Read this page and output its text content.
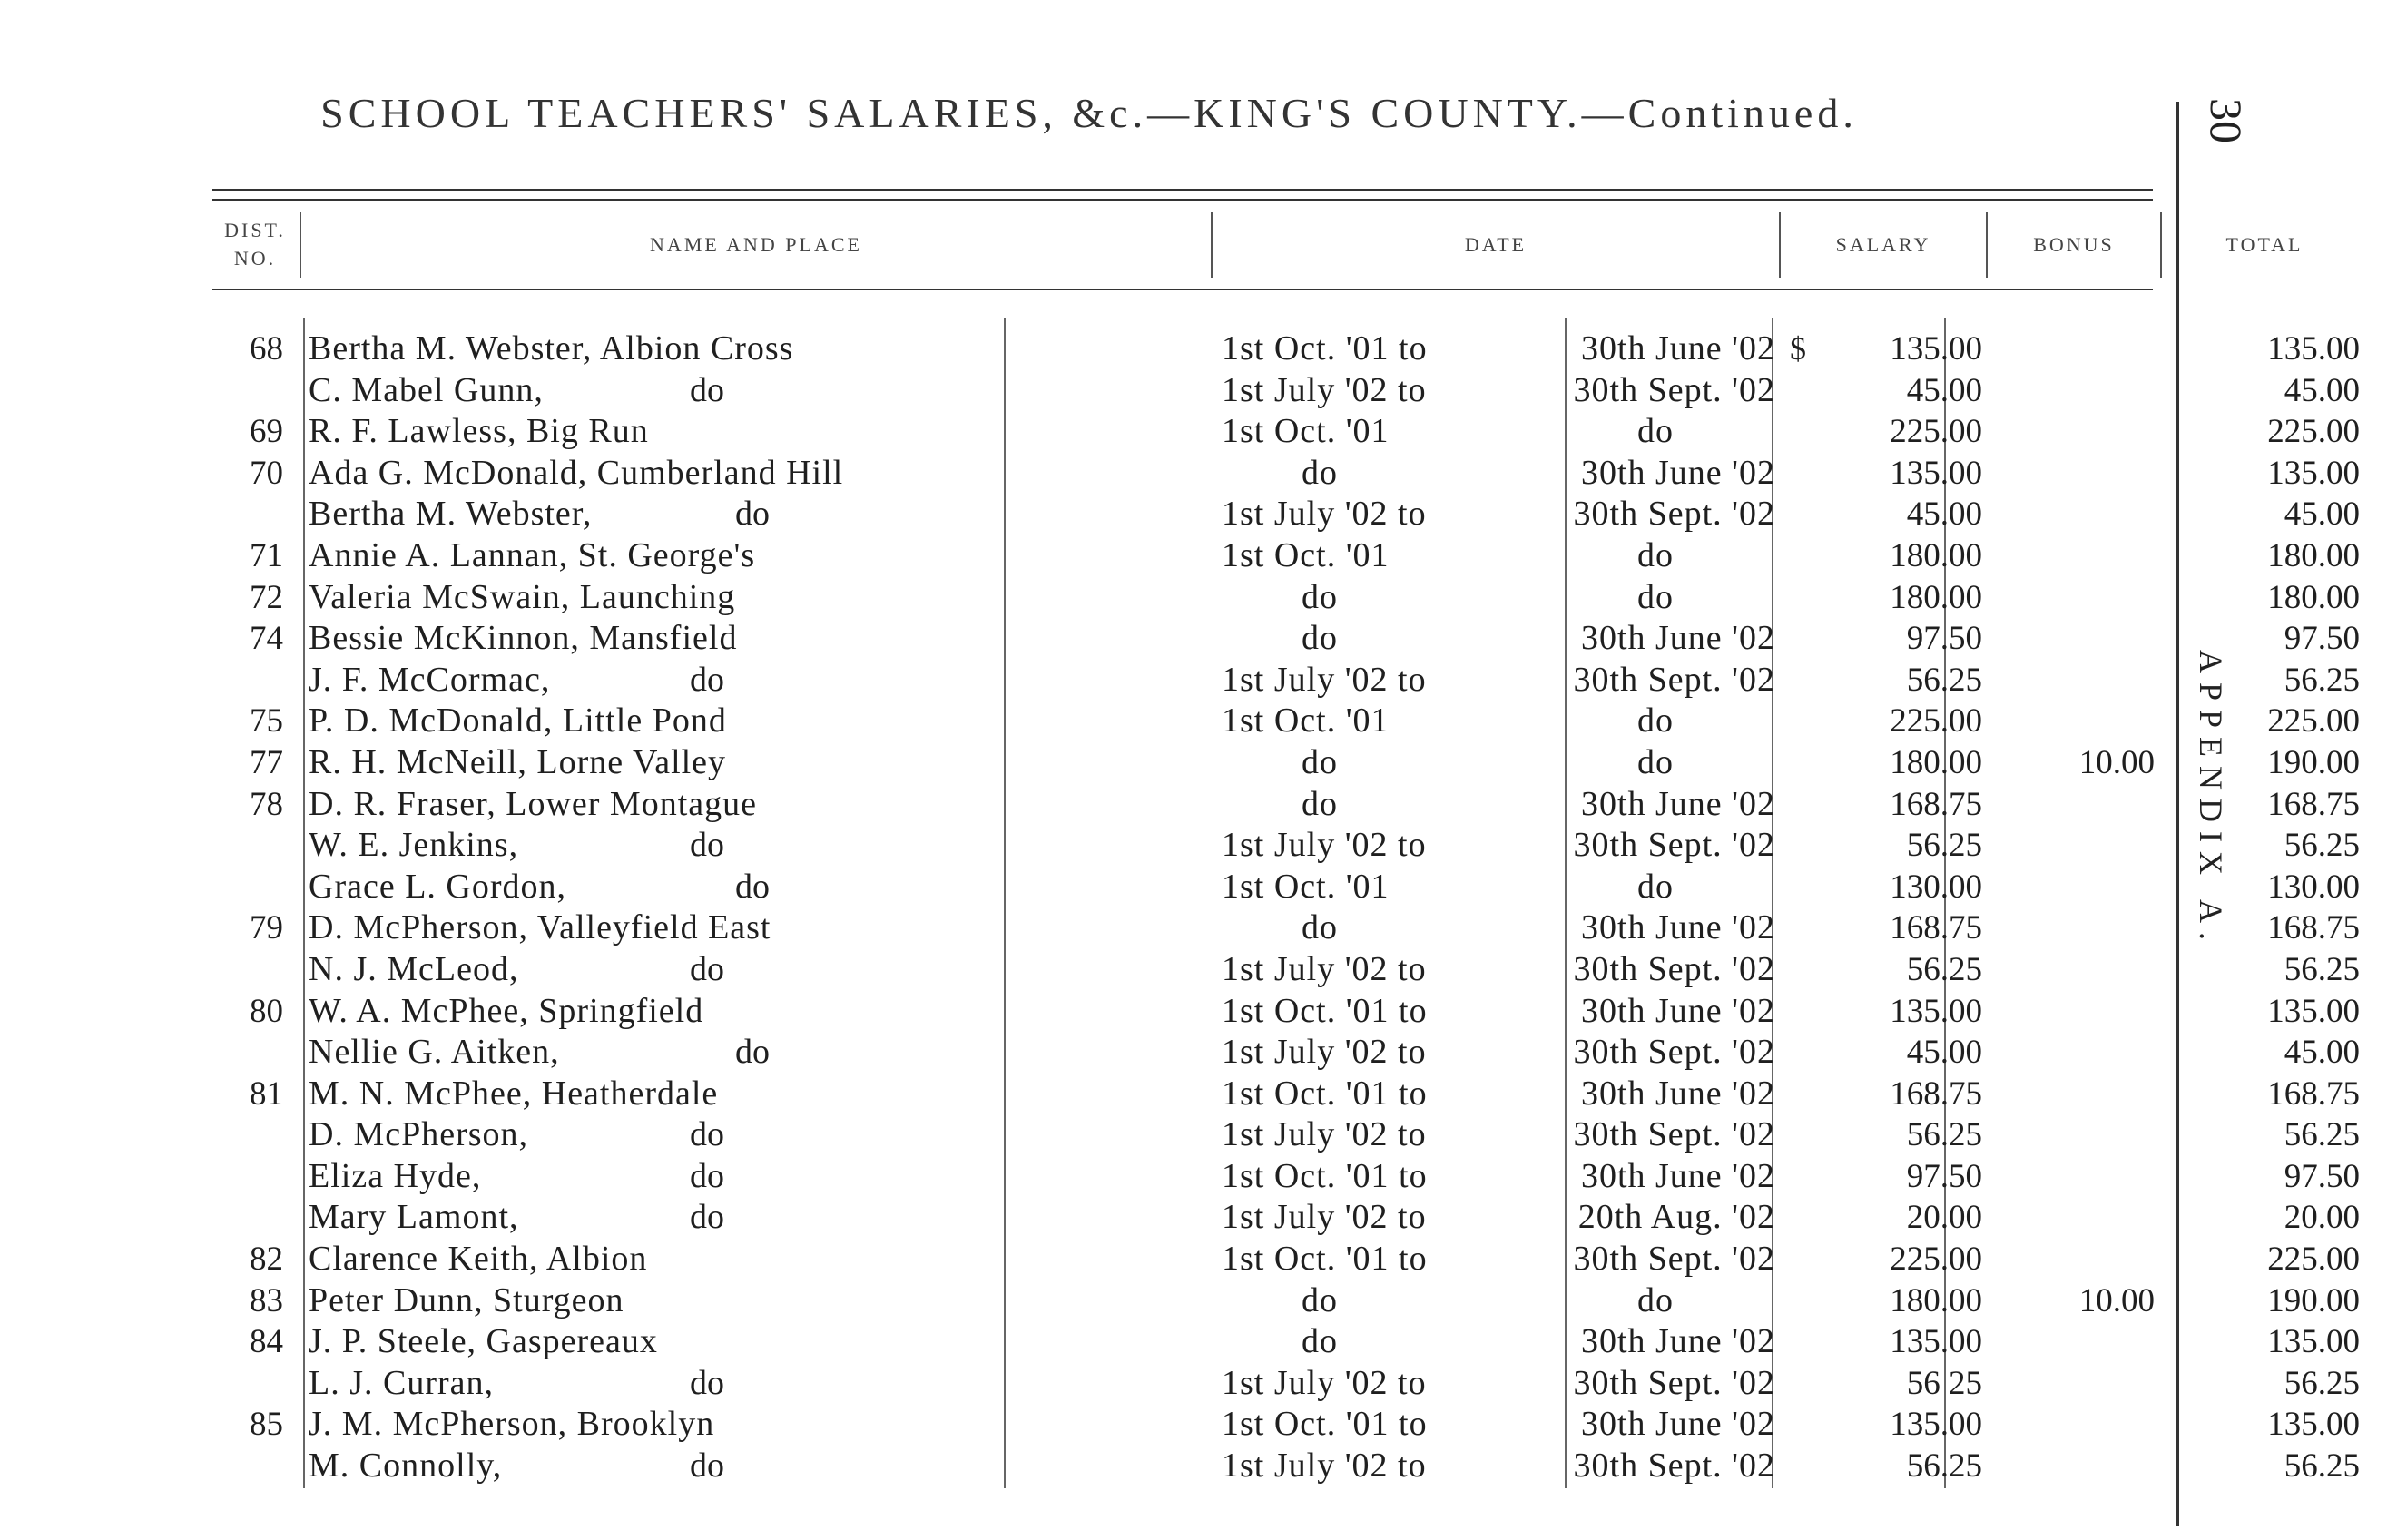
SCHOOL TEACHERS' SALARIES, &c.—KING'S COUNTY.—Continued.	30
APPENDIX A.
DIST. NO.
NAME AND PLACE	DATE	SALARY	BONUS	TOTAL
68 Bertha M. Webster, Albion Cross	1st Oct. '01 to	30th June '02 $	135.00	135.00
C. Mabel Gunn,	do	1st July '02 to	30th Sept. '02	45.00	45.00
69 R. F. Lawless, Big Run	1st Oct. '01	do	225.00	225.00
70 Ada G. McDonald, Cumberland Hill	do	30th June '02	135.00	135.00
Bertha M. Webster,	do	1st July '02 to	30th Sept. '02	45.00	45.00
71 Annie A. Lannan, St. George's	1st Oct. '01	do	180.00	180.00
72 Valeria McSwain, Launching	do	do	180.00	180.00
74 Bessie McKinnon, Mansfield	do	30th June '02	97.50	97.50
J. F. McCormac,	do	1st July '02 to	30th Sept. '02	56.25	56.25
75 P. D. McDonald, Little Pond	1st Oct. '01	do	225.00	225.00
77 R. H. McNeill, Lorne Valley	do	do	180.00	10.00	190.00
78 D. R. Fraser, Lower Montague	do	30th June '02	168.75	168.75
W. E. Jenkins,	do	1st July '02 to	30th Sept. '02	56.25	56.25
Grace L. Gordon,	do	1st Oct. '01	do	130.00	130.00
79 D. McPherson, Valleyfield East	do	30th June '02	168.75	168.75
N. J. McLeod,	do	1st July '02 to	30th Sept. '02	56.25	56.25
80 W. A. McPhee, Springfield	1st Oct. '01 to	30th June '02	135.00	135.00
Nellie G. Aitken,	do	1st July '02 to	30th Sept. '02	45.00	45.00
81 M. N. McPhee, Heatherdale	1st Oct. '01 to	30th June '02	168.75	168.75
D. McPherson,	do	1st July '02 to	30th Sept. '02	56.25	56.25
Eliza Hyde,	do	1st Oct. '01 to	30th June '02	97.50	97.50
Mary Lamont,	do	1st July '02 to	20th Aug. '02	20.00	20.00
82 Clarence Keith, Albion	1st Oct. '01 to	30th Sept. '02	225.00	225.00
83 Peter Dunn, Sturgeon	do	do	180.00	10.00	190.00
84 J. P. Steele, Gaspereaux	do	30th June '02	135.00	135.00
L. J. Curran,	do	1st July '02 to	30th Sept. '02	56 25	56.25
85 J. M. McPherson, Brooklyn	1st Oct. '01 to	30th June '02	135.00	135.00
M. Connolly,	do	1st July '02 to	30th Sept. '02	56.25	56.25
